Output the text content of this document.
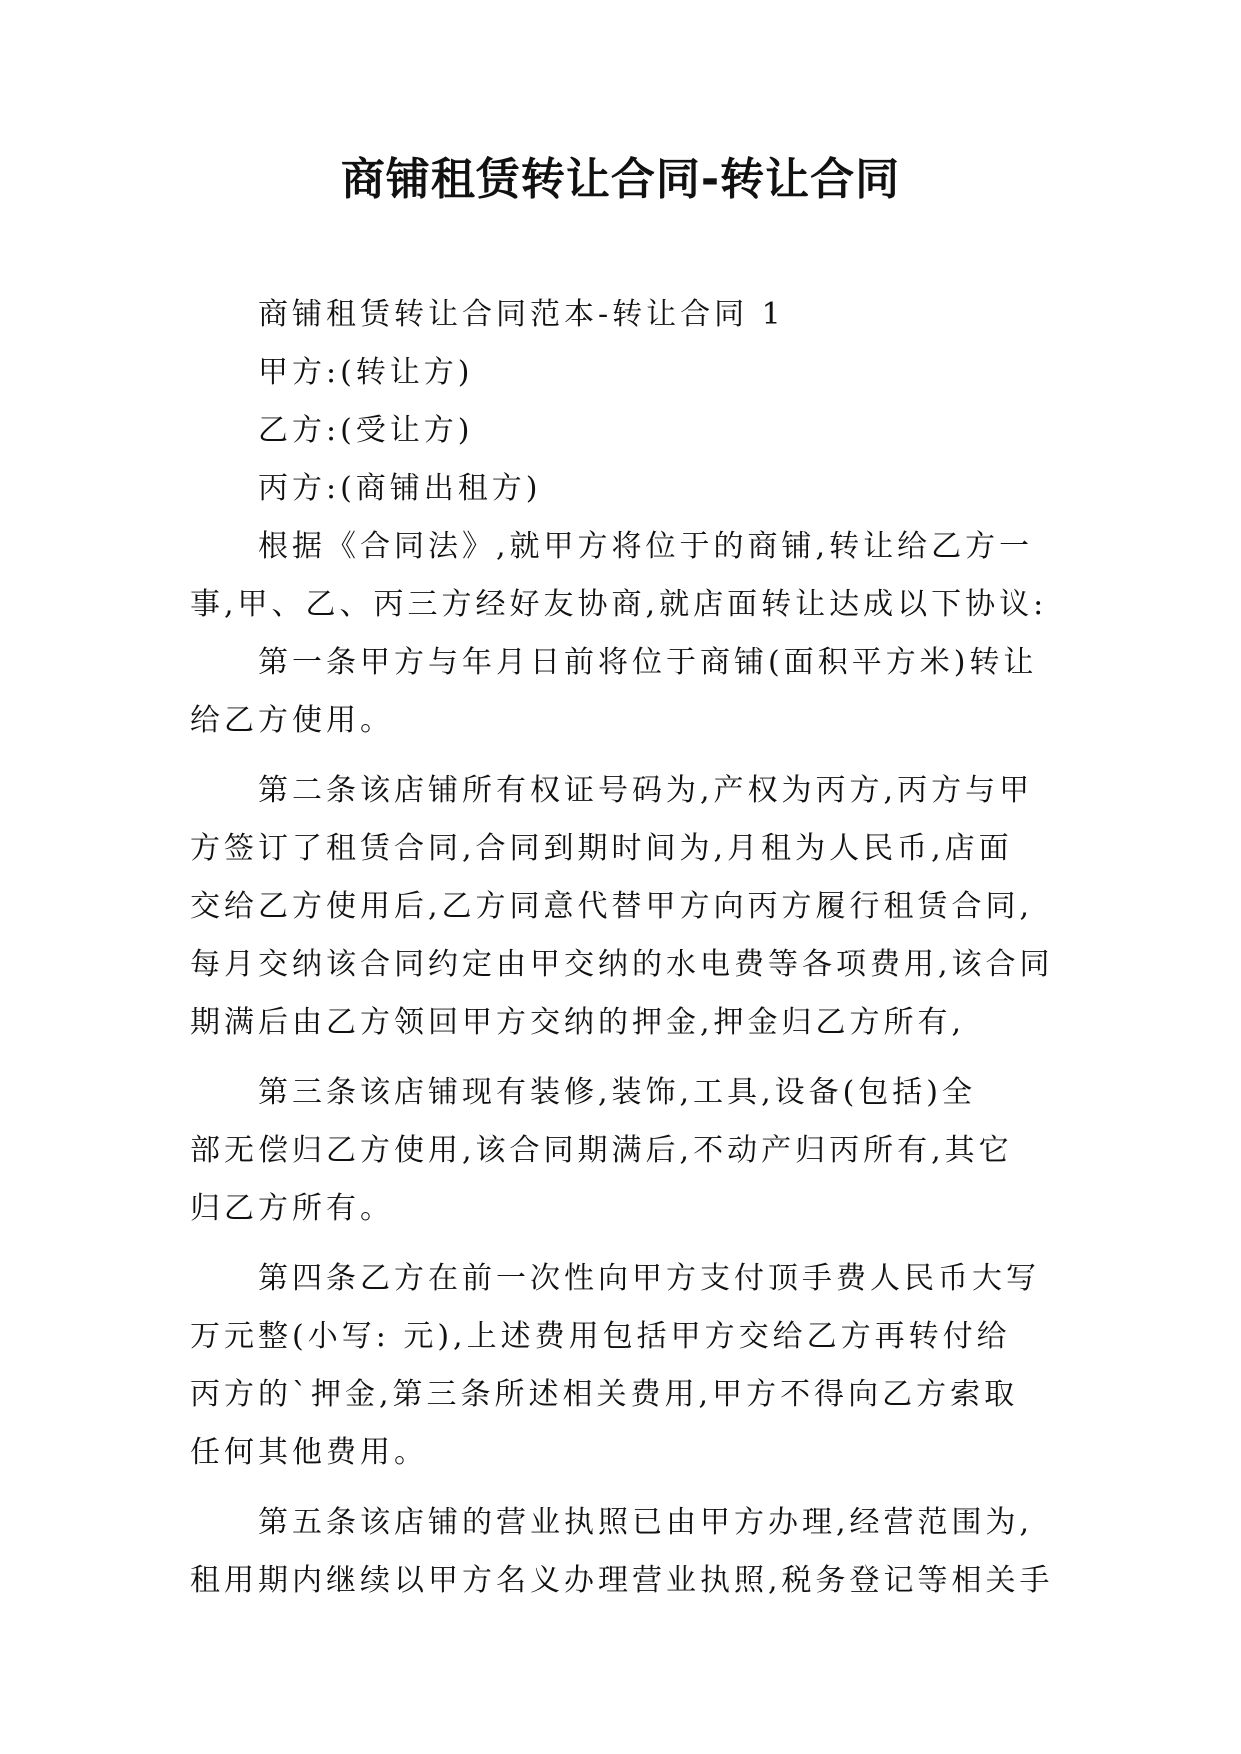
商铺租赁转让合同-转让合同
商铺租赁转让合同范本-转让合同 1
甲方:(转让方)
乙方:(受让方)
丙方:(商铺出租方)
根据《合同法》,就甲方将位于的商铺,转让给乙方一
事,甲、乙、丙三方经好友协商,就店面转让达成以下协议:
第一条甲方与年月日前将位于商铺(面积平方米)转让
给乙方使用。
第二条该店铺所有权证号码为,产权为丙方,丙方与甲
方签订了租赁合同,合同到期时间为,月租为人民币,店面
交给乙方使用后,乙方同意代替甲方向丙方履行租赁合同,
每月交纳该合同约定由甲交纳的水电费等各项费用,该合同
期满后由乙方领回甲方交纳的押金,押金归乙方所有,
第三条该店铺现有装修,装饰,工具,设备(包括)全
部无偿归乙方使用,该合同期满后,不动产归丙所有,其它
归乙方所有。
第四条乙方在前一次性向甲方支付顶手费人民币大写
万元整(小写: 元),上述费用包括甲方交给乙方再转付给
丙方的`押金,第三条所述相关费用,甲方不得向乙方索取
任何其他费用。
第五条该店铺的营业执照已由甲方办理,经营范围为,
租用期内继续以甲方名义办理营业执照,税务登记等相关手
